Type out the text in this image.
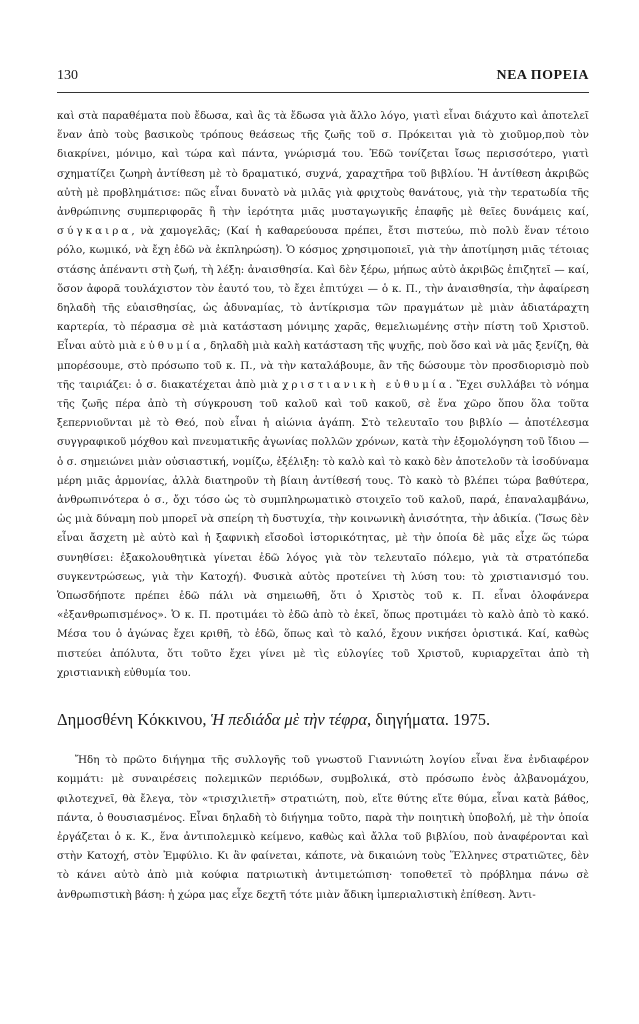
130	ΝΕΑ ΠΟΡΕΙΑ

καὶ στὰ παραθέματα ποὺ ἔδωσα, καὶ ἂς τὰ ἔδωσα γιὰ ἄλλο λόγο, γιατὶ εἶναι διάχυτο καὶ ἀποτελεῖ ἕναν ἀπὸ τοὺς βασικοὺς τρόπους θεάσεως τῆς ζωῆς τοῦ σ. Πρόκειται γιὰ τὸ χιοῦμορ,ποὺ τὸν διακρίνει, μόνιμο, καὶ τώρα καὶ πάντα, γνώρισμά του. Ἐδῶ τονίζεται ἴσως περισσότερο, γιατὶ σχηματίζει ζωηρὴ ἀντίθεση μὲ τὸ δραματικό, συχνά, χαραχτῆρα τοῦ βιβλίου. Ἡ ἀντίθεση ἀκριβῶς αὐτὴ μὲ προβλημάτισε: πῶς εἶναι δυνατὸ νὰ μιλᾶς γιὰ φριχτοὺς θανάτους, γιὰ τὴν τερατωδία τῆς ἀνθρώπινης συμπεριφορᾶς ἢ τὴν ἱερότητα μιᾶς μυσταγωγικῆς ἐπαφῆς μὲ θεῖες δυνάμεις καί, σύγκαιρα, νὰ χαμογελᾶς; (Καί ἡ καθαρεύουσα πρέπει, ἔτσι πιστεύω, πιὸ πολὺ ἕναν τέτοιο ρόλο, κωμικό, νὰ ἔχη ἐδῶ νὰ ἐκπληρώση). Ὁ κόσμος χρησιμοποιεῖ, γιὰ τὴν ἀποτίμηση μιᾶς τέτοιας στάσης ἀπέναντι στὴ ζωή, τὴ λέξη: ἀναισθησία. Καὶ δὲν ξέρω, μήπως αὐτὸ ἀκριβῶς ἐπιζητεῖ — καί, ὅσον ἀφορᾶ τουλάχιστον τὸν ἑαυτό του, τὸ ἔχει ἐπιτύχει — ὁ κ. Π., τὴν ἀναισθησία, τὴν ἀφαίρεση δηλαδὴ τῆς εὐαισθησίας, ὡς ἀδυναμίας, τὸ ἀντίκρισμα τῶν πραγμάτων μὲ μιὰν ἀδιατάραχτη καρτερία, τὸ πέρασμα σὲ μιὰ κατάσταση μόνιμης χαρᾶς, θεμελιωμένης στὴν πίστη τοῦ Χριστοῦ. Εἶναι αὐτὸ μιὰ εὐθυμία, δηλαδὴ μιὰ καλὴ κατάσταση τῆς ψυχῆς, ποὺ ὅσο καὶ νὰ μᾶς ξενίζη, θὰ μπορέσουμε, στὸ πρόσωπο τοῦ κ. Π., νὰ τὴν καταλάβουμε, ἂν τῆς δώσουμε τὸν προσδιορισμὸ ποὺ τῆς ταιριάζει: ὁ σ. διακατέχεται ἀπὸ μιὰ χριστιανικὴ εὐθυμία. Ἔχει συλλάβει τὸ νόημα τῆς ζωῆς πέρα ἀπὸ τὴ σύγκρουση τοῦ καλοῦ καὶ τοῦ κακοῦ, σὲ ἕνα χῶρο ὅπου ὅλα τοῦτα ξεπερνιοῦνται μὲ τὸ Θεό, ποὺ εἶναι ἡ αἰώνια ἀγάπη. Στὸ τελευταῖο του βιβλίο — ἀποτέλεσμα συγγραφικοῦ μόχθου καὶ πνευματικῆς ἀγωνίας πολλῶν χρόνων, κατὰ τὴν ἐξομολόγηση τοῦ ἴδιου — ὁ σ. σημειώνει μιὰν οὐσιαστική, νομίζω, ἐξέλιξη: τὸ καλὸ καὶ τὸ κακὸ δὲν ἀποτελοῦν τὰ ἰσοδύναμα μέρη μιᾶς ἁρμονίας, ἀλλὰ διατηροῦν τὴ βίαιη ἀντίθεσή τους. Τὸ κακὸ τὸ βλέπει τώρα βαθύτερα, ἀνθρωπινότερα ὁ σ., ὄχι τόσο ὡς τὸ συμπληρωματικὸ στοιχεῖο τοῦ καλοῦ, παρά, ἐπαναλαμβάνω, ὡς μιὰ δύναμη ποὺ μπορεῖ νὰ σπείρη τὴ δυστυχία, τὴν κοινωνικὴ ἀνισότητα, τὴν ἀδικία. (Ἴσως δὲν εἶναι ἄσχετη μὲ αὐτὸ καὶ ἡ ξαφνικὴ εἴσοδοὶ ἱστορικότητας, μὲ τὴν ὁποία δὲ μᾶς εἶχε ὥς τώρα συνηθίσει: ἐξακολουθητικὰ γίνεται ἐδῶ λόγος γιὰ τὸν τελευταῖο πόλεμο, γιὰ τὰ στρατόπεδα συγκεντρώσεως, γιὰ τὴν Κατοχή). Φυσικὰ αὐτὸς προτείνει τὴ λύση του: τὸ χριστιανισμό του. Ὁπωσδήποτε πρέπει ἐδῶ πάλι νὰ σημειωθῆ, ὅτι ὁ Χριστὸς τοῦ κ. Π. εἶναι ὁλοφάνερα «ἐξανθρωπισμένος». Ὁ κ. Π. προτιμάει τὸ ἐδῶ ἀπὸ τὸ ἐκεῖ, ὅπως προτιμάει τὸ καλὸ ἀπὸ τὸ κακό. Μέσα του ὁ ἀγώνας ἔχει κριθῆ, τὸ ἐδῶ, ὅπως καὶ τὸ καλό, ἔχουν νικήσει ὁριστικά. Καί, καθὼς πιστεύει ἀπόλυτα, ὅτι τοῦτο ἔχει γίνει μὲ τὶς εὐλογίες τοῦ Χριστοῦ, κυριαρχεῖται ἀπὸ τὴ χριστιανικὴ εὐθυμία του.

Δημοσθένη Κόκκινου, Ἡ πεδιάδα μὲ τὴν τέφρα, διηγήματα. 1975.

Ἤδη τὸ πρῶτο διήγημα τῆς συλλογῆς τοῦ γνωστοῦ Γιαννιώτη λογίου εἶναι ἕνα ἐνδιαφέρον κομμάτι: μὲ συναιρέσεις πολεμικῶν περιόδων, συμβολικά, στὸ πρόσωπο ἑνὸς ἀλβανομάχου, φιλοτεχνεῖ, θὰ ἔλεγα, τὸν «τρισχιλιετῆ» στρατιώτη, ποὺ, εἴτε θύτης εἴτε θύμα, εἶναι κατὰ βάθος, πάντα, ὁ θουσιασμένος. Εἶναι δηλαδὴ τὸ διήγημα τοῦτο, παρὰ τὴν ποιητικὴ ὑποβολή, μὲ τὴν ὁποία ἐργάζεται ὁ κ. Κ., ἕνα ἀντιπολεμικὸ κείμενο, καθὼς καὶ ἄλλα τοῦ βιβλίου, ποὺ ἀναφέρονται καὶ στὴν Κατοχή, στὸν Ἐμφύλιο. Κι ἂν φαίνεται, κάποτε, νὰ δικαιώνη τοὺς Ἕλληνες στρατιῶτες, δὲν τὸ κάνει αὐτὸ ἀπὸ μιὰ κούφια πατριωτικὴ ἀντιμετώπιση· τοποθετεῖ τὸ πρόβλημα πάνω σὲ ἀνθρωπιστικὴ βάση: ἡ χώρα μας εἶχε δεχτῆ τότε μιὰν ἄδικη ἰμπεριαλιστικὴ ἐπίθεση. Ἀντι-
